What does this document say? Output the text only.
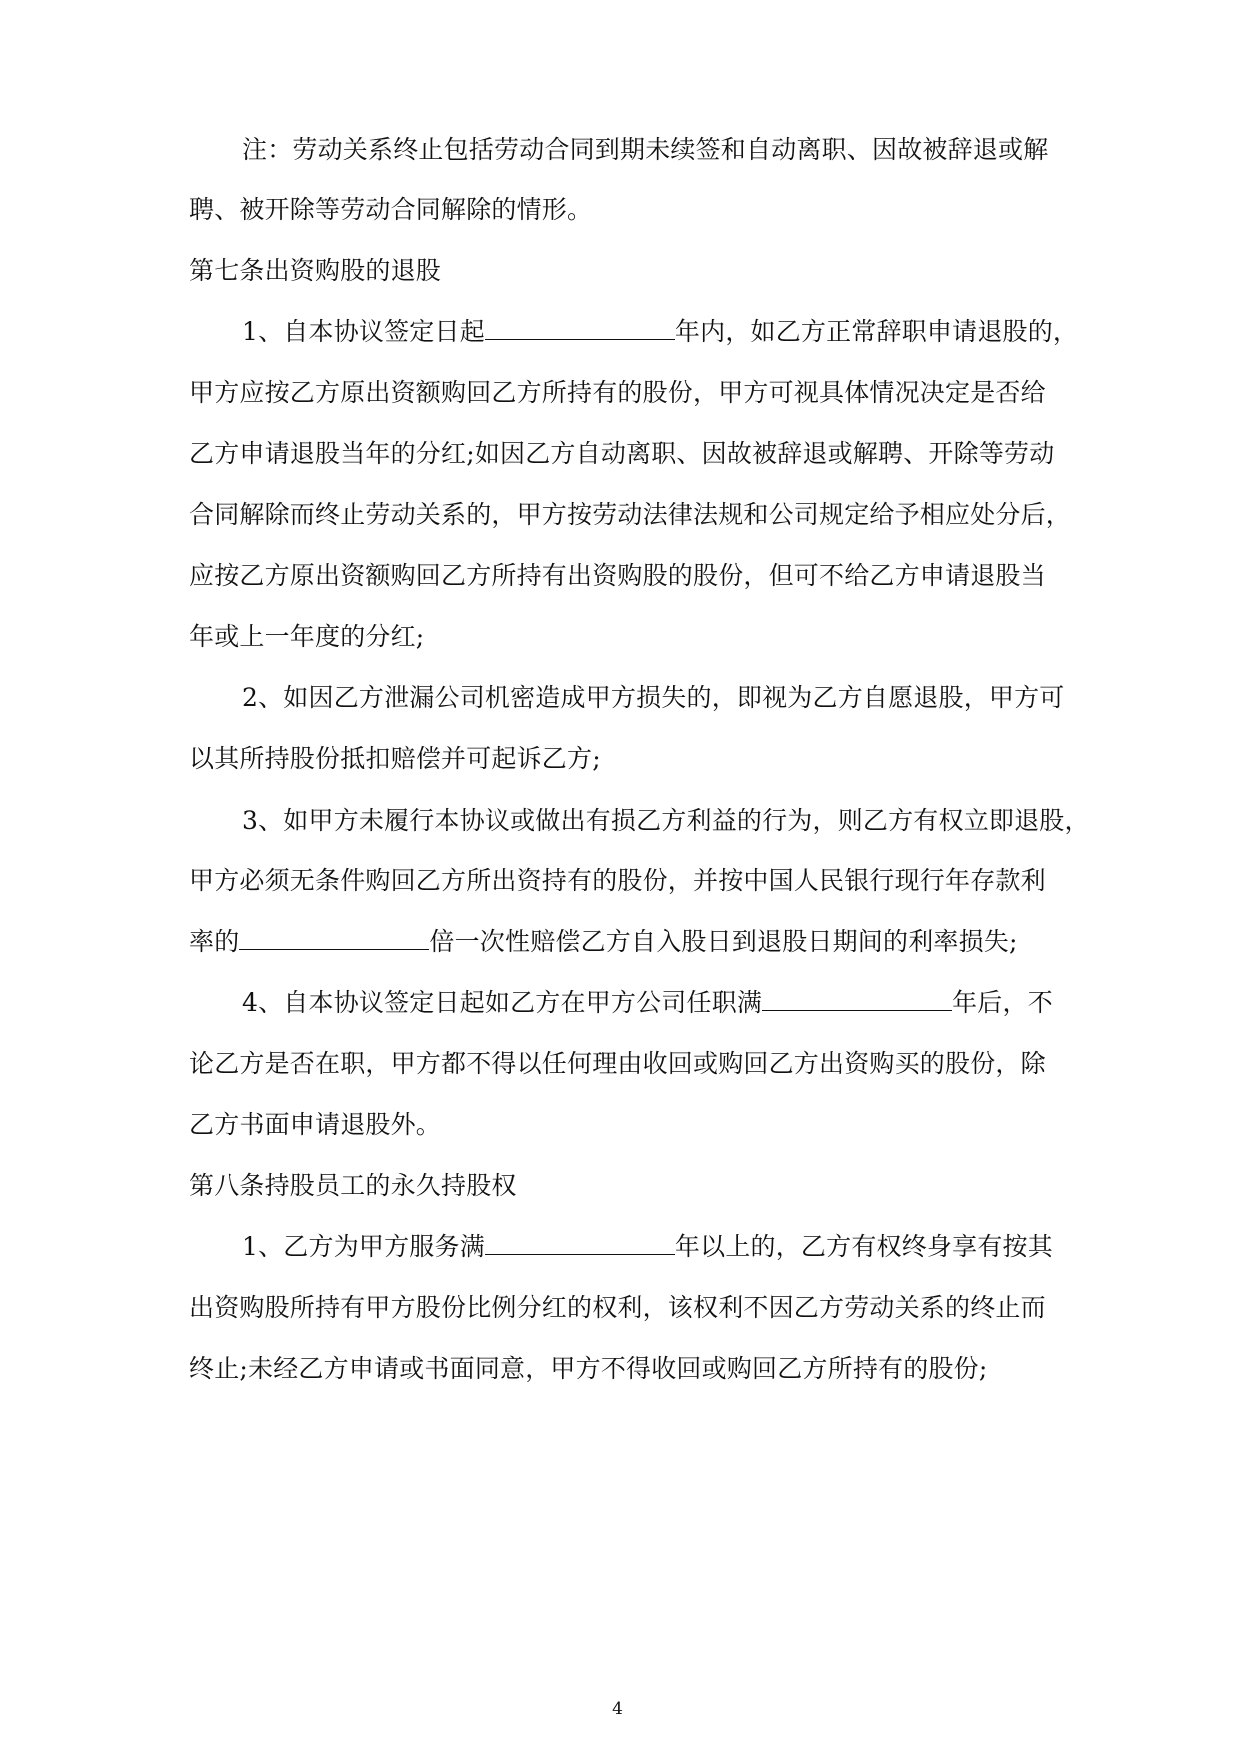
注：劳动关系终止包括劳动合同到期未续签和自动离职、因故被辞退或解

聘、被开除等劳动合同解除的情形。

第七条出资购股的退股

1、自本协议签定日起	年内，如乙方正常辞职申请退股的，

甲方应按乙方原出资额购回乙方所持有的股份，甲方可视具体情况决定是否给

乙方申请退股当年的分红;如因乙方自动离职、因故被辞退或解聘、开除等劳动

合同解除而终止劳动关系的，甲方按劳动法律法规和公司规定给予相应处分后，

应按乙方原出资额购回乙方所持有出资购股的股份，但可不给乙方申请退股当

年或上一年度的分红;

2、如因乙方泄漏公司机密造成甲方损失的，即视为乙方自愿退股，甲方可

以其所持股份抵扣赔偿并可起诉乙方;

3、如甲方未履行本协议或做出有损乙方利益的行为，则乙方有权立即退股，

甲方必须无条件购回乙方所出资持有的股份，并按中国人民银行现行年存款利

率的	倍一次性赔偿乙方自入股日到退股日期间的利率损失;

4、自本协议签定日起如乙方在甲方公司任职满	年后，不

论乙方是否在职，甲方都不得以任何理由收回或购回乙方出资购买的股份，除

乙方书面申请退股外。

第八条持股员工的永久持股权

1、乙方为甲方服务满	年以上的，乙方有权终身享有按其

出资购股所持有甲方股份比例分红的权利，该权利不因乙方劳动关系的终止而

终止;未经乙方申请或书面同意，甲方不得收回或购回乙方所持有的股份;

4
